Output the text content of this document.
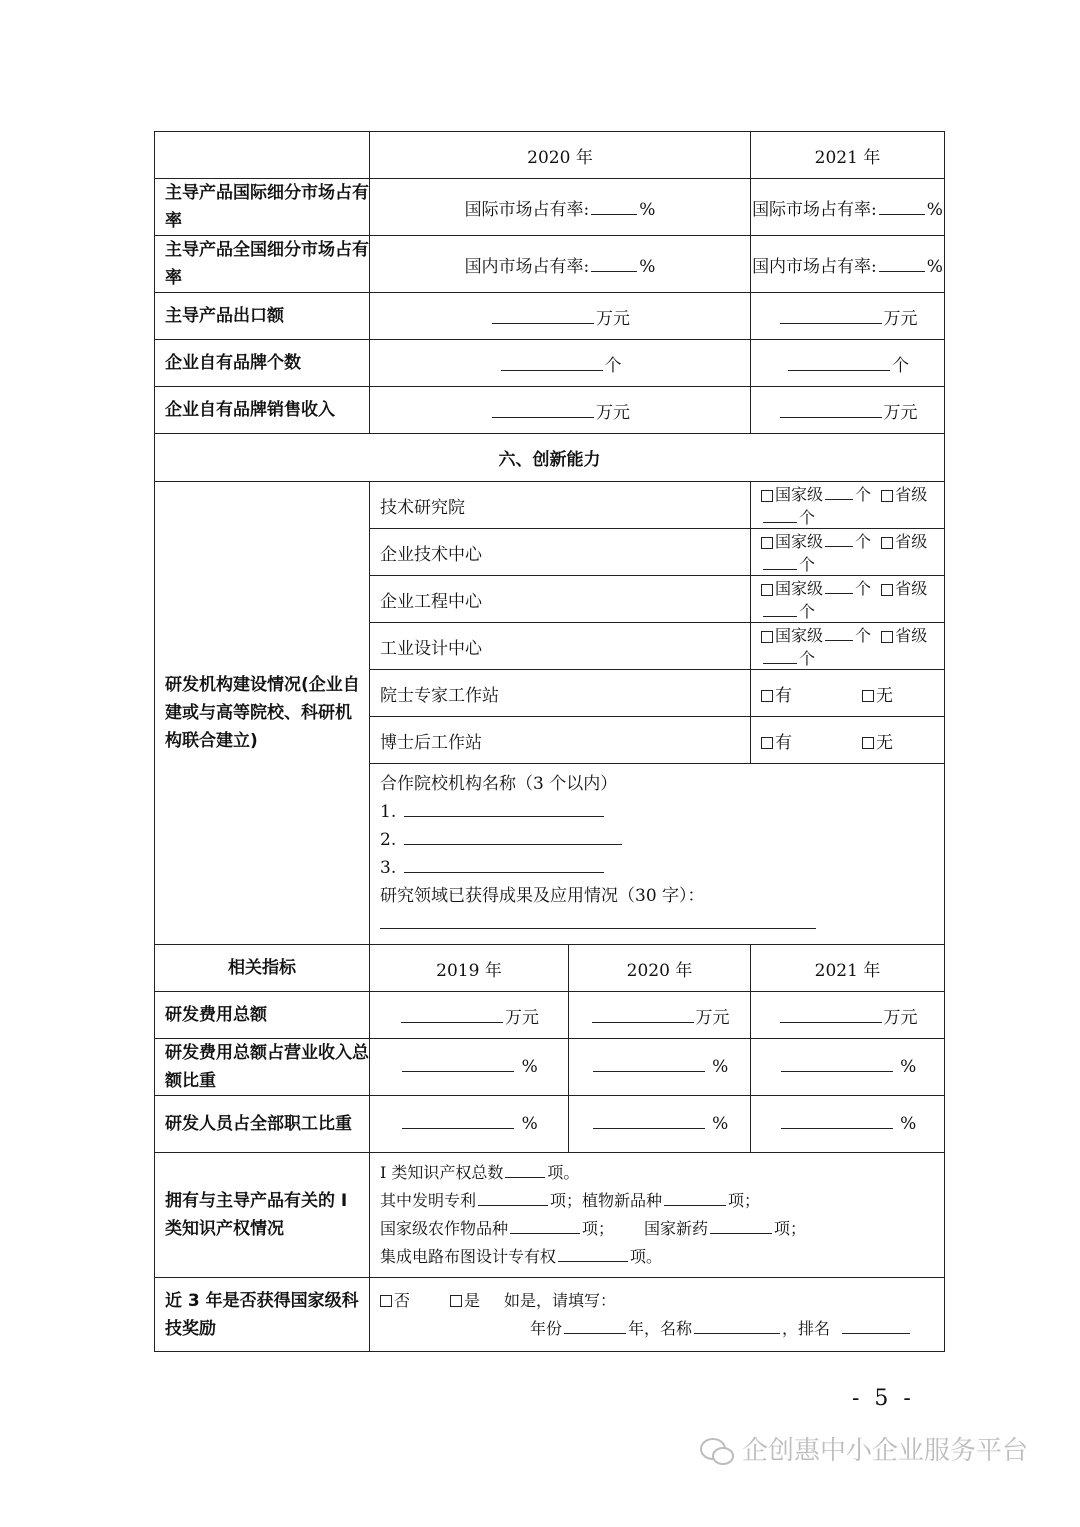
	2020 年		2021 年
主导产品国际细分市场占有率	国际市场占有率: %		国际市场占有率: %
主导产品全国细分市场占有率	国内市场占有率: %		国内市场占有率: %
主导产品出口额	万元		万元
企业自有品牌个数	个		个
企业自有品牌销售收入	万元		万元
六、创新能力			
研发机构建设情况(企业自建或与高等院校、科研机构联合建立)	技术研究院		国家级 个 省级个
	企业技术中心		国家级 个 省级个
	企业工程中心		国家级 个 省级个
	工业设计中心		国家级 个 省级个
	院士专家工作站		有 无
	博士后工作站		有 无

	合作院校机构名称（3 个以内）
1.
2.
3.
研究领域已获得成果及应用情况（30 字）：		

相关指标	2019 年	2020 年	2021 年
研发费用总额	万元	万元	万元
研发费用总额占营业收入总额比重	%	%	%
研发人员占全部职工比重	%	%	%
拥有与主导产品有关的 I 类知识产权情况	I 类知识产权总数 项。
其中发明专利 项；植物新品种 项；
国家级农作物品种 项； 国家新药 项；
集成电路布图设计专有权 项。		

近 3 年是否获得国家级科技奖励	否 是 如是，请填写：
年份 年，名称 ，排名		
- 5 -
企创惠中小企业服务平台
